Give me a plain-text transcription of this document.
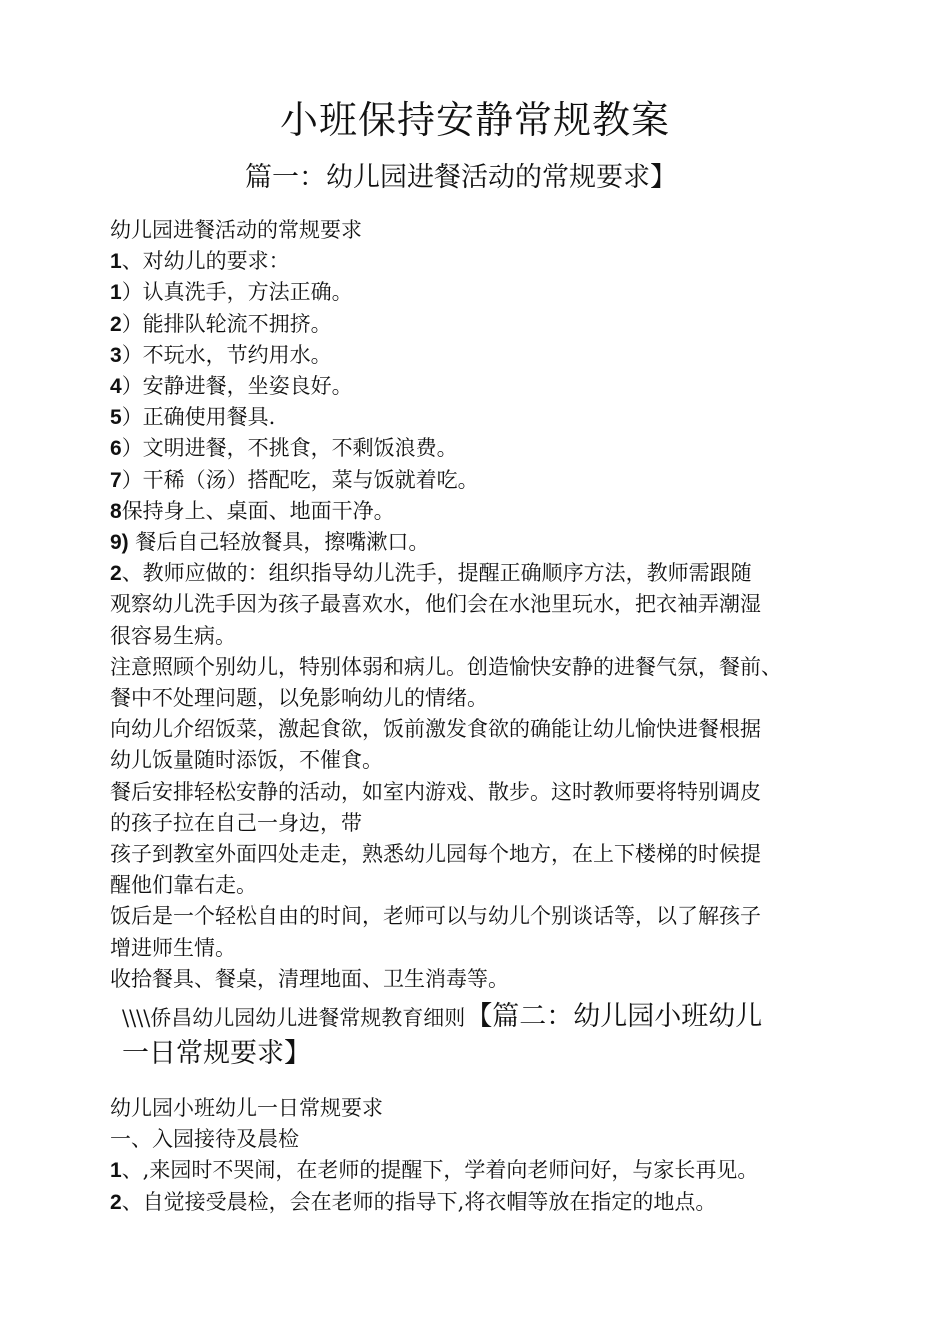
小班保持安静常规教案
篇一：幼儿园进餐活动的常规要求】
幼儿园进餐活动的常规要求
1、对幼儿的要求：
1）认真洗手，方法正确。
2）能排队轮流不拥挤。
3）不玩水，节约用水。
4）安静进餐，坐姿良好。
5）正确使用餐具.
6）文明进餐，不挑食，不剩饭浪费。
7）干稀（汤）搭配吃，菜与饭就着吃。
8保持身上、桌面、地面干净。
9) 餐后自己轻放餐具，擦嘴漱口。
2、教师应做的：组织指导幼儿洗手，提醒正确顺序方法，教师需跟随
观察幼儿洗手因为孩子最喜欢水，他们会在水池里玩水，把衣袖弄潮湿
很容易生病。
注意照顾个别幼儿，特别体弱和病儿。创造愉快安静的进餐气氛，餐前、
餐中不处理问题，以免影响幼儿的情绪。
向幼儿介绍饭菜，激起食欲，饭前激发食欲的确能让幼儿愉快进餐根据
幼儿饭量随时添饭，不催食。
餐后安排轻松安静的活动，如室内游戏、散步。这时教师要将特别调皮
的孩子拉在自己一身边，带
孩子到教室外面四处走走，熟悉幼儿园每个地方，在上下楼梯的时候提
醒他们靠右走。
饭后是一个轻松自由的时间，老师可以与幼儿个别谈话等，以了解孩子
增进师生情。
收拾餐具、餐桌，清理地面、卫生消毒等。
\\\\侨昌幼儿园幼儿进餐常规教育细则【篇二：幼儿园小班幼儿
一日常规要求】
幼儿园小班幼儿一日常规要求
一、入园接待及晨检
1、,来园时不哭闹，在老师的提醒下，学着向老师问好，与家长再见。
2、自觉接受晨检，会在老师的指导下,将衣帽等放在指定的地点。
